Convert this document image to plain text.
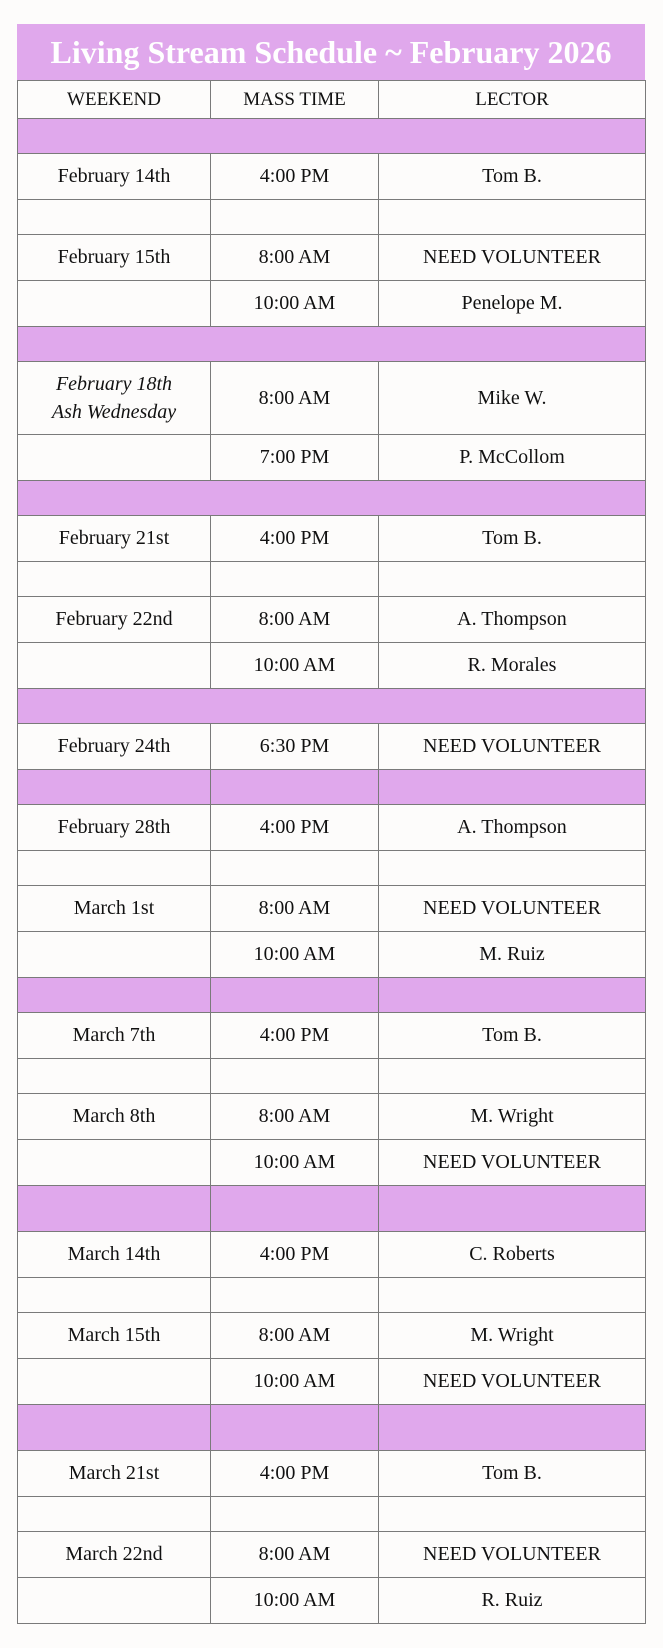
Living Stream Schedule ~ February 2026
WEEKEND	MASS TIME	LECTOR

February 14th	4:00 PM	Tom B.

February 15th	8:00 AM	NEED VOLUNTEER
	10:00 AM	Penelope M.

February 18th
Ash Wednesday	8:00 AM	Mike W.
	7:00 PM	P. McCollom

February 21st	4:00 PM	Tom B.

February 22nd	8:00 AM	A. Thompson
	10:00 AM	R. Morales

February 24th	6:30 PM	NEED VOLUNTEER

February 28th	4:00 PM	A. Thompson

March 1st	8:00 AM	NEED VOLUNTEER
	10:00 AM	M. Ruiz

March 7th	4:00 PM	Tom B.

March 8th	8:00 AM	M. Wright
	10:00 AM	NEED VOLUNTEER

March 14th	4:00 PM	C. Roberts

March 15th	8:00 AM	M. Wright
	10:00 AM	NEED VOLUNTEER

March 21st	4:00 PM	Tom B.

March 22nd	8:00 AM	NEED VOLUNTEER
	10:00 AM	R. Ruiz
